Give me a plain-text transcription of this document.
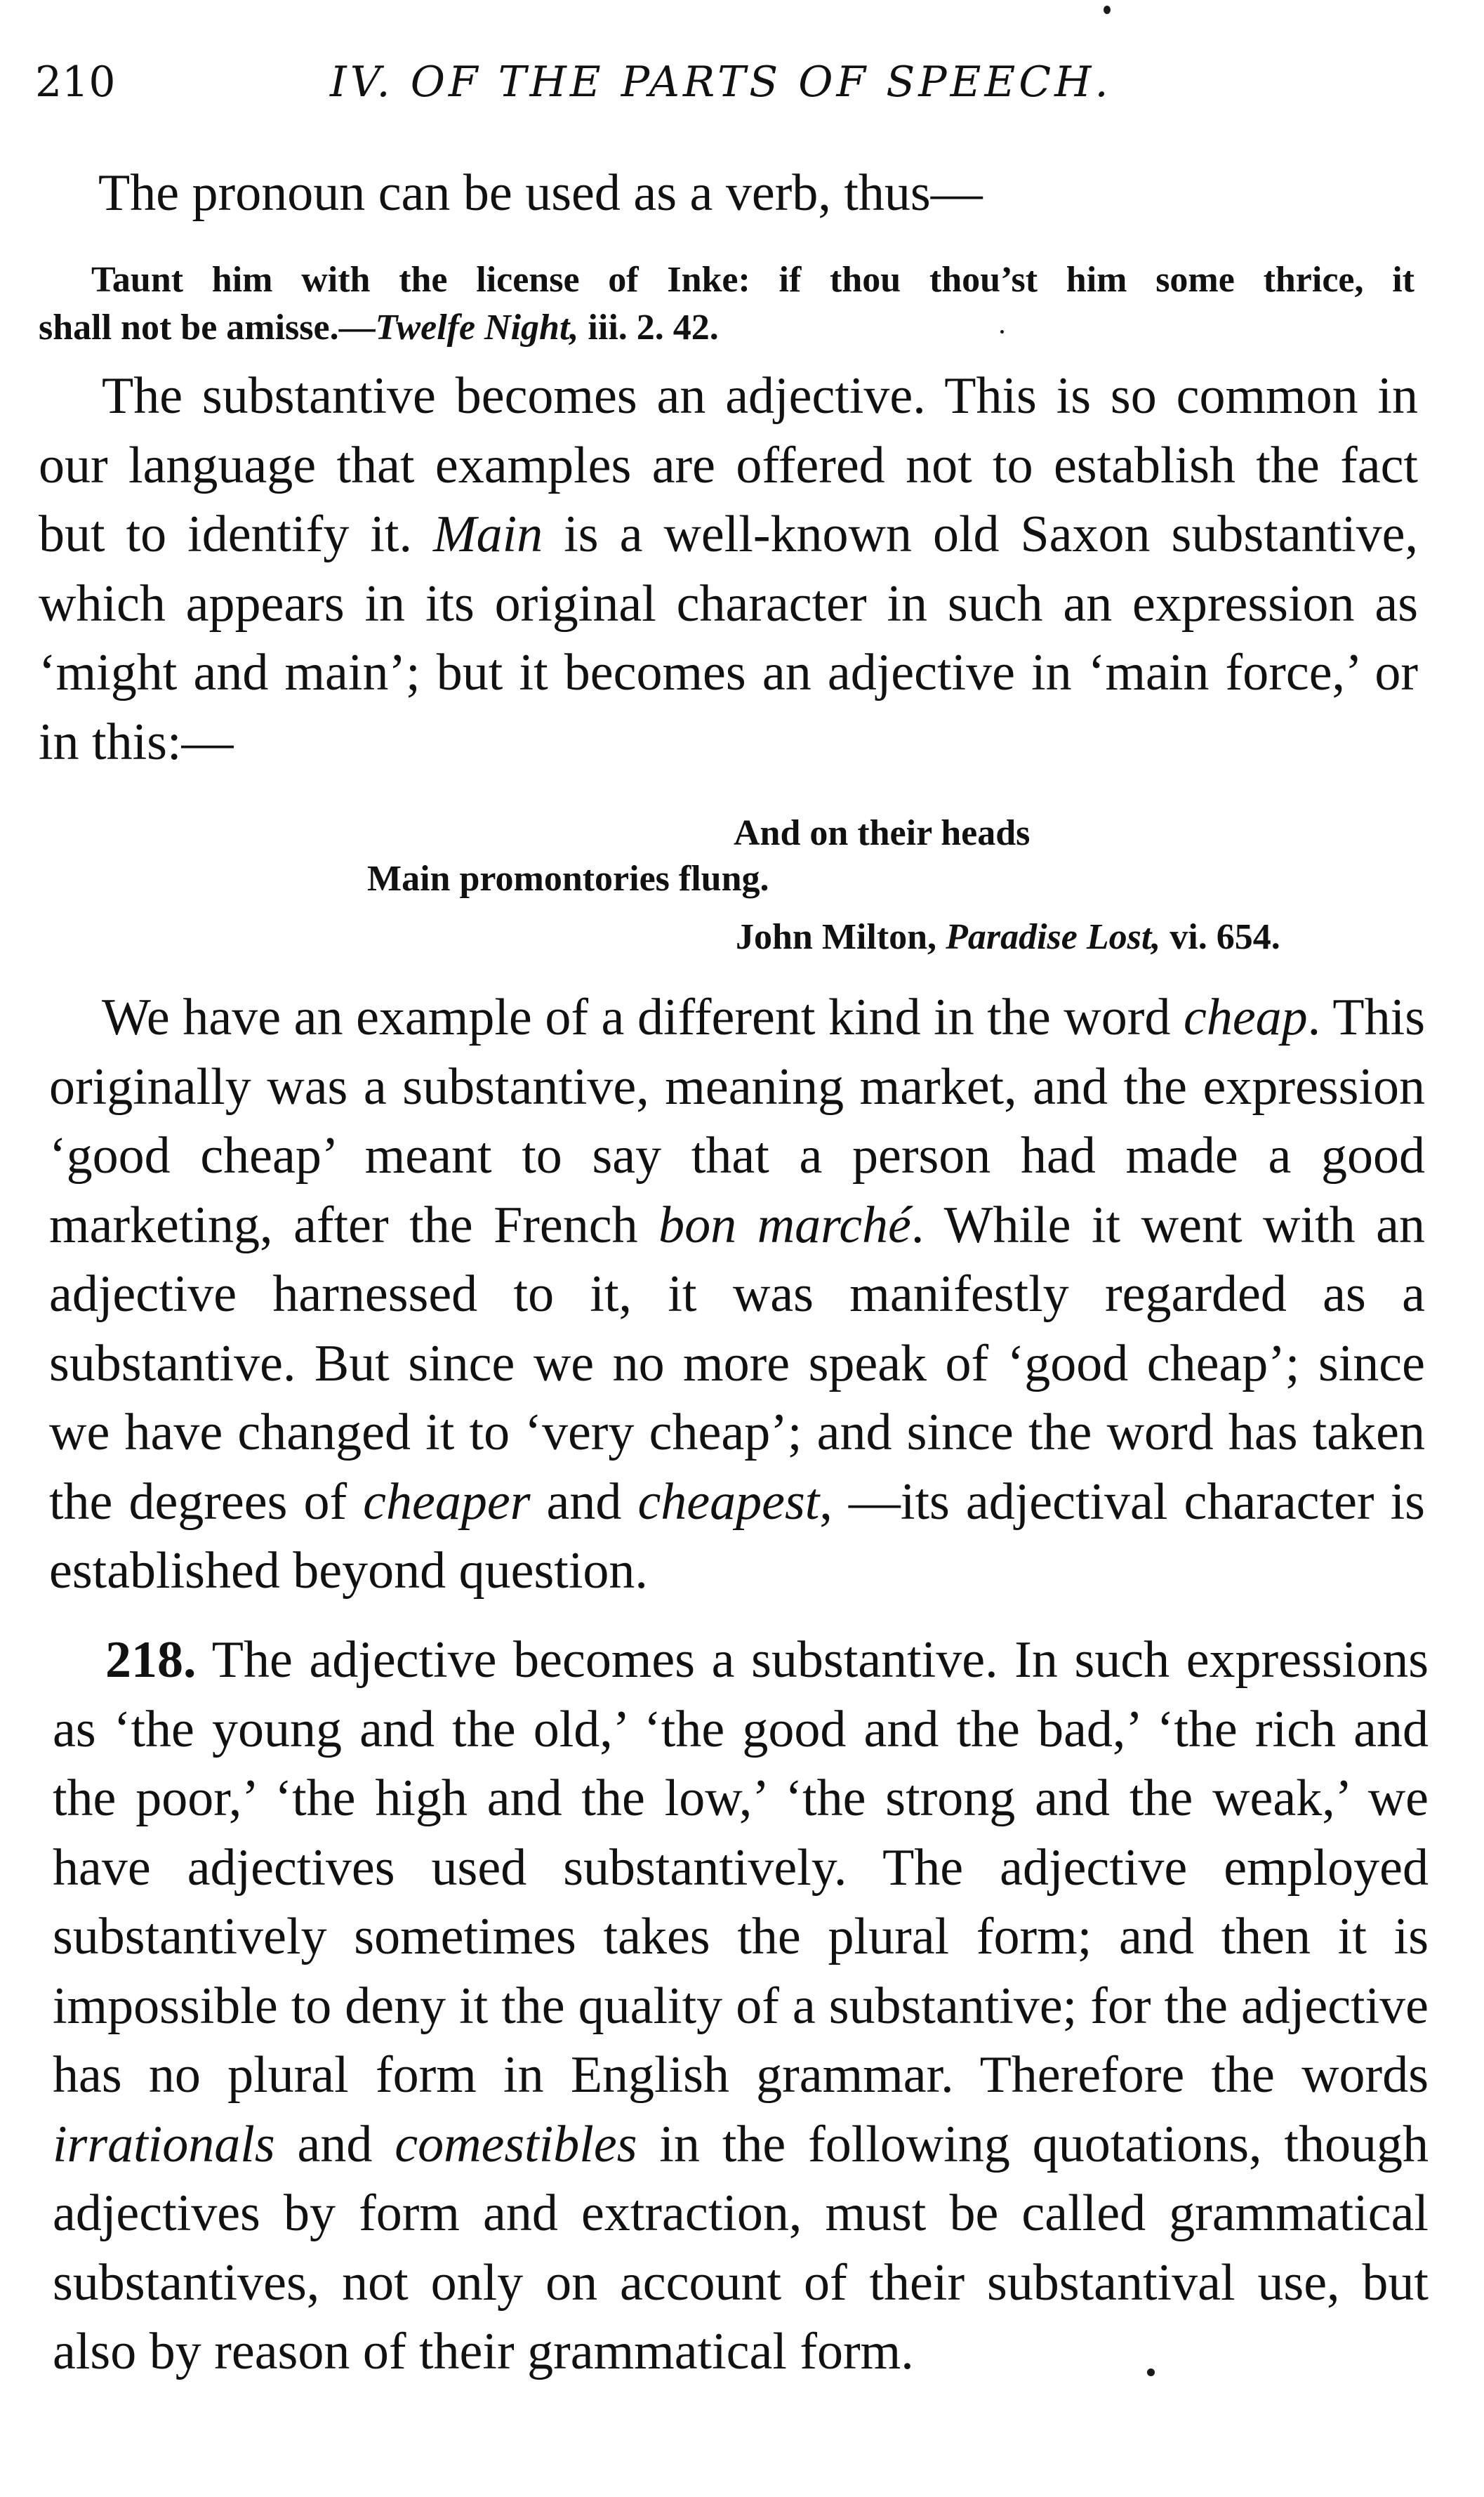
210	IV. OF THE PARTS OF SPEECH.

The pronoun can be used as a verb, thus—

Taunt him with the license of Inke: if thou thou’st him some thrice, it
shall not be amisse.—Twelfe Night, iii. 2. 42.

The substantive becomes an adjective. This is so common in our language that examples are offered not to establish the fact but to identify it. Main is a well-known old Saxon substantive, which appears in its original character in such an expression as ‘might and main’; but it becomes an adjective in ‘main force,’ or in this:—

And on their heads

Main promontories flung.

John Milton, Paradise Lost, vi. 654.

We have an example of a different kind in the word cheap. This originally was a substantive, meaning market, and the expression ‘good cheap’ meant to say that a person had made a good marketing, after the French bon marché. While it went with an adjective harnessed to it, it was manifestly regarded as a substantive. But since we no more speak of ‘good cheap’; since we have changed it to ‘very cheap’; and since the word has taken the degrees of cheaper and cheapest, —its adjectival character is established beyond question.

218. The adjective becomes a substantive. In such expressions as ‘the young and the old,’ ‘the good and the bad,’ ‘the rich and the poor,’ ‘the high and the low,’ ‘the strong and the weak,’ we have adjectives used substantively. The adjective employed substantively sometimes takes the plural form; and then it is impossible to deny it the quality of a substantive; for the adjective has no plural form in English grammar. Therefore the words irrationals and comestibles in the following quotations, though adjectives by form and extraction, must be called grammatical substantives, not only on account of their substantival use, but also by reason of their grammatical form.
